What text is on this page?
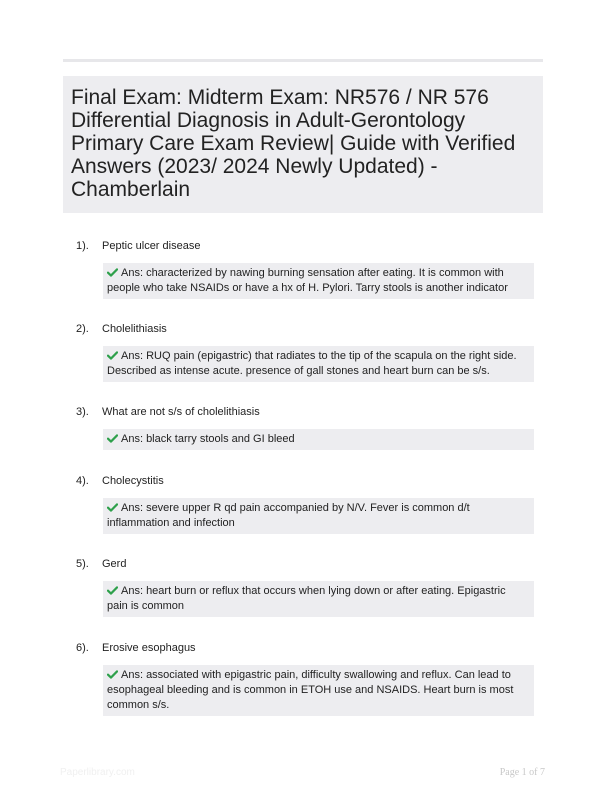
Final Exam: Midterm Exam: NR576 / NR 576 Differential Diagnosis in Adult-Gerontology Primary Care Exam Review| Guide with Verified Answers (2023/ 2024 Newly Updated) - Chamberlain
1). Peptic ulcer disease
Ans: characterized by nawing burning sensation after eating. It is common with people who take NSAIDs or have a hx of H. Pylori. Tarry stools is another indicator
2). Cholelithiasis
Ans: RUQ pain (epigastric) that radiates to the tip of the scapula on the right side. Described as intense acute. presence of gall stones and heart burn can be s/s.
3). What are not s/s of cholelithiasis
Ans: black tarry stools and GI bleed
4). Cholecystitis
Ans: severe upper R qd pain accompanied by N/V. Fever is common d/t inflammation and infection
5). Gerd
Ans: heart burn or reflux that occurs when lying down or after eating. Epigastric pain is common
6). Erosive esophagus
Ans: associated with epigastric pain, difficulty swallowing and reflux. Can lead to esophageal bleeding and is common in ETOH use and NSAIDS. Heart burn is most common s/s.
Paperlibrary.com	Page 1 of 7
